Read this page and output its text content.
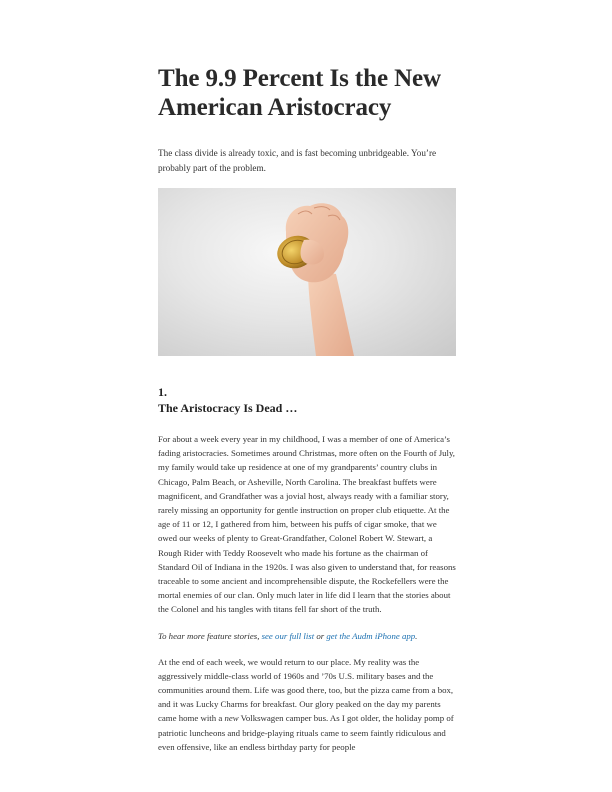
The 9.9 Percent Is the New American Aristocracy

The class divide is already toxic, and is fast becoming unbridgeable. You’re probably part of the problem.

1.

The Aristocracy Is Dead …

For about a week every year in my childhood, I was a member of one of America’s fading aristocracies. Sometimes around Christmas, more often on the Fourth of July, my family would take up residence at one of my grandparents’ country clubs in Chicago, Palm Beach, or Asheville, North Carolina. The breakfast buffets were magnificent, and Grandfather was a jovial host, always ready with a familiar story, rarely missing an opportunity for gentle instruction on proper club etiquette. At the age of 11 or 12, I gathered from him, between his puffs of cigar smoke, that we owed our weeks of plenty to Great-Grandfather, Colonel Robert W. Stewart, a Rough Rider with Teddy Roosevelt who made his fortune as the chairman of Standard Oil of Indiana in the 1920s. I was also given to understand that, for reasons traceable to some ancient and incomprehensible dispute, the Rockefellers were the mortal enemies of our clan. Only much later in life did I learn that the stories about the Colonel and his tangles with titans fell far short of the truth.

To hear more feature stories, see our full list or get the Audm iPhone app.

At the end of each week, we would return to our place. My reality was the aggressively middle-class world of 1960s and ’70s U.S. military bases and the communities around them. Life was good there, too, but the pizza came from a box, and it was Lucky Charms for breakfast. Our glory peaked on the day my parents came home with a new Volkswagen camper bus. As I got older, the holiday pomp of patriotic luncheons and bridge-playing rituals came to seem faintly ridiculous and even offensive, like an endless birthday party for people
